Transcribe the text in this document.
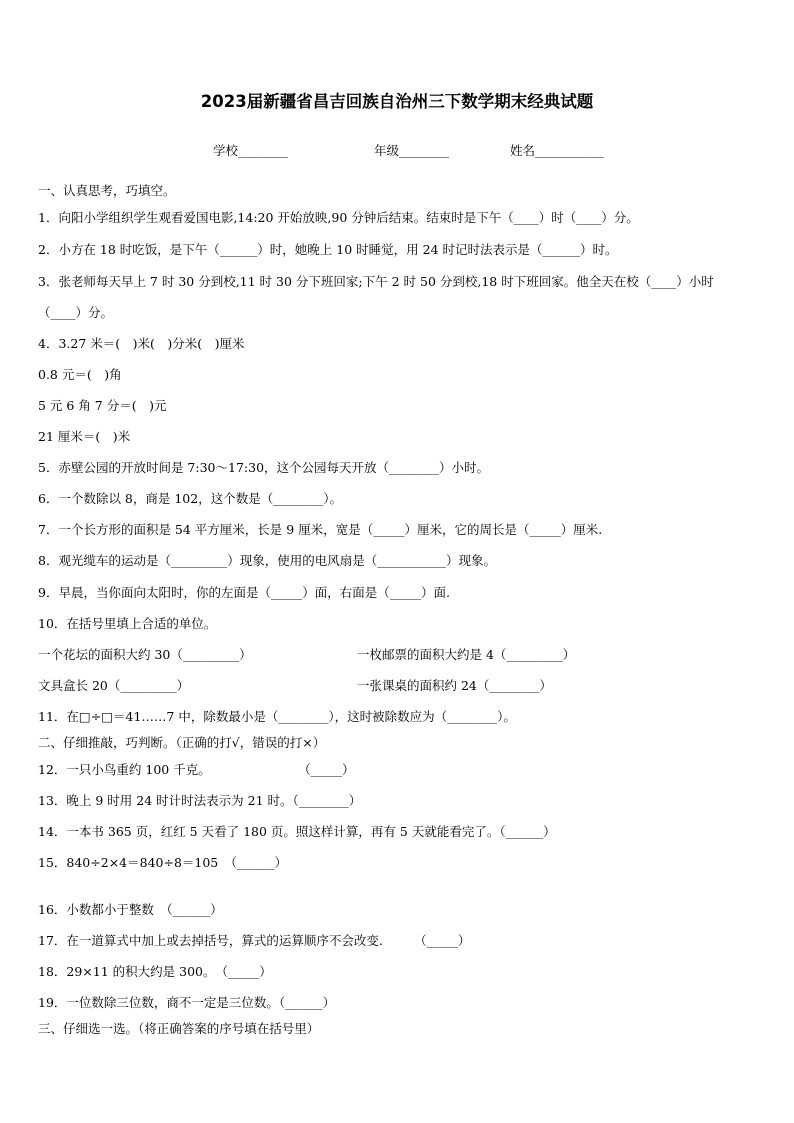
2023届新疆省昌吉回族自治州三下数学期末经典试题
学校________	年级________	姓名___________
一、认真思考，巧填空。
1．向阳小学组织学生观看爱国电影,14:20 开始放映,90 分钟后结束。结束时是下午（____）时（____）分。
2．小方在 18 时吃饭，是下午（______）时，她晚上 10 时睡觉，用 24 时记时法表示是（______）时。
3．张老师每天早上 7 时 30 分到校,11 时 30 分下班回家;下午 2 时 50 分到校,18 时下班回家。他全天在校（____）小时
（____）分。
4．3.27 米＝(　)米(　)分米(　)厘米
0.8 元＝(　)角
5 元 6 角 7 分＝(　)元
21 厘米＝(　)米
5．赤壁公园的开放时间是 7:30～17:30，这个公园每天开放（________）小时。
6．一个数除以 8，商是 102，这个数是（________）。
7．一个长方形的面积是 54 平方厘米，长是 9 厘米，宽是（_____）厘米，它的周长是（_____）厘米.
8．观光缆车的运动是（_________）现象，使用的电风扇是（___________）现象。
9．早晨，当你面向太阳时，你的左面是（_____）面，右面是（_____）面.
10．在括号里填上合适的单位。
一个花坛的面积大约 30（_________）	一枚邮票的面积大约是 4（_________）
文具盒长 20（_________）	一张课桌的面积约 24（________）
11．在□÷□＝41……7 中，除数最小是（________），这时被除数应为（________）。
二、仔细推敲，巧判断。（正确的打√，错误的打×）
12．一只小鸟重约 100 千克。　　　　　　　　（_____）
13．晚上 9 时用 24 时计时法表示为 21 时。（________）
14．一本书 365 页，红红 5 天看了 180 页。照这样计算，再有 5 天就能看完了。（______）
15．840÷2×4＝840÷8＝105　（______）
16．小数都小于整数　（______）
17．在一道算式中加上或去掉括号，算式的运算顺序不会改变.　　　（_____）
18．29×11 的积大约是 300。　（_____）
19．一位数除三位数，商不一定是三位数。（______）
三、仔细选一选。（将正确答案的序号填在括号里）
